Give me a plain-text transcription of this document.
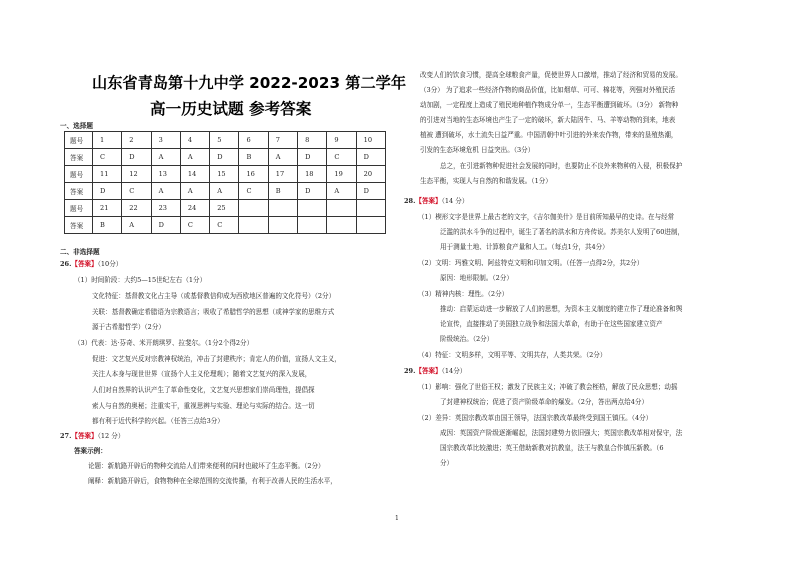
山东省青岛第十九中学 2022-2023 第二学年
高一历史试题 参考答案
一、选择题
题号	1	2	3	4	5	6	7	8	9	10
答案	C	D	A	A	D	B	A	D	C	D
题号	11	12	13	14	15	16	17	18	19	20
答案	D	C	A	A	A	C	B	D	A	D
题号	21	22	23	24	25					
答案	B	A	D	C	C					
二、非选择题
26.【答案】（10分）
（1）时间阶段：大约5—15世纪左右（1分）
文化特征：基督教文化占主导（或基督教信仰成为西欧地区普遍的文化符号）（2分）
关联：基督教确定希腊语为宗教语言；吸收了希腊哲学的思想（或神学家的思维方式
源于古希腊哲学）（2分）
（3）代表：达·芬奇、米开朗琪罗、拉斐尔。（1分2个得2分）
促进：文艺复兴反对宗教神权统治，冲击了封建秩序；肯定人的价值，宣扬人文主义，
关注人本身与现世世界（宣扬个人主义伦理观）；随着文艺复兴的深入发展，
人们对自然界的认识产生了革命性变化，文艺复兴思想家们崇尚理性，提倡探
索人与自然的奥秘；注重实干，重视思辨与实验、理论与实际的结合。这一切
都有利于近代科学的兴起。（任答三点给3分）
27.【答案】（12 分）
答案示例：
论题：新航路开辟后的物种交流给人们带来便利的同时也破坏了生态平衡。（2分）
阐释：新航路开辟后，食物物种在全球范围的交流传播，有利于改善人民的生活水平，
改变人们的饮食习惯，提高全球粮食产量，促使世界人口激增，推动了经济和贸易的发展。
（3分） 为了追求一些经济作物的商品价值，比如烟草、可可、棉花等，列强对外殖民活
动加剧，一定程度上造成了殖民地种植作物成分单一，生态平衡遭到破坏。（3分） 新物种
的引进对当地的生态环境也产生了一定的破坏，新大陆因牛、马、羊等动物的到来，地表
植被 遭到破坏，水土流失日益严重。中国清朝中叶引进的外来农作物，带来的垦殖热潮，
引发的生态环境危机 日益突出。（3分）
总之，在引进新物种促进社会发展的同时，也要防止不良外来物种的入侵，积极保护
生态平衡，实现人与自然的和谐发展。（1分）
28.【答案】（14 分）
（1）楔形文字是世界上最古老的文字，《吉尔伽美什》是目前所知最早的史诗。在与经常
泛滥的洪水斗争的过程中，诞生了著名的洪水和方舟传说。苏美尔人发明了60进制，
用于测量土地、计算粮食产量和人工。（每点1分，共4分）
（2）文明：玛雅文明、阿兹特克文明和印加文明。（任答一点得2分，共2分）
原因：地形限制。（2分）
（3）精神内核：理性。（2分）
推动：启蒙运动进一步解放了人们的思想，为资本主义制度的建立作了理论准备和舆
论宣传，直接推动了美国独立战争和法国大革命，有助于在这些国家建立资产
阶级统治。（2分）
（4）特征：文明多样，文明平等、文明共存，人类共荣。（2分）
29.【答案】（14分）
（1）影响：强化了世俗王权；激发了民族主义；冲破了教会桎梏，解放了民众思想；动摇
了封建神权统治；促进了资产阶级革命的爆发。（2分，答出两点给4分）
（2）差异：英国宗教改革由国王领导，法国宗教改革最终受到国王镇压。（4分）
成因：英国资产阶级逐渐崛起，法国封建势力依旧强大；英国宗教改革相对保守，法
国宗教改革比较激进；英王借助新教对抗教皇，法王与教皇合作镇压新教。（6
分）
1
